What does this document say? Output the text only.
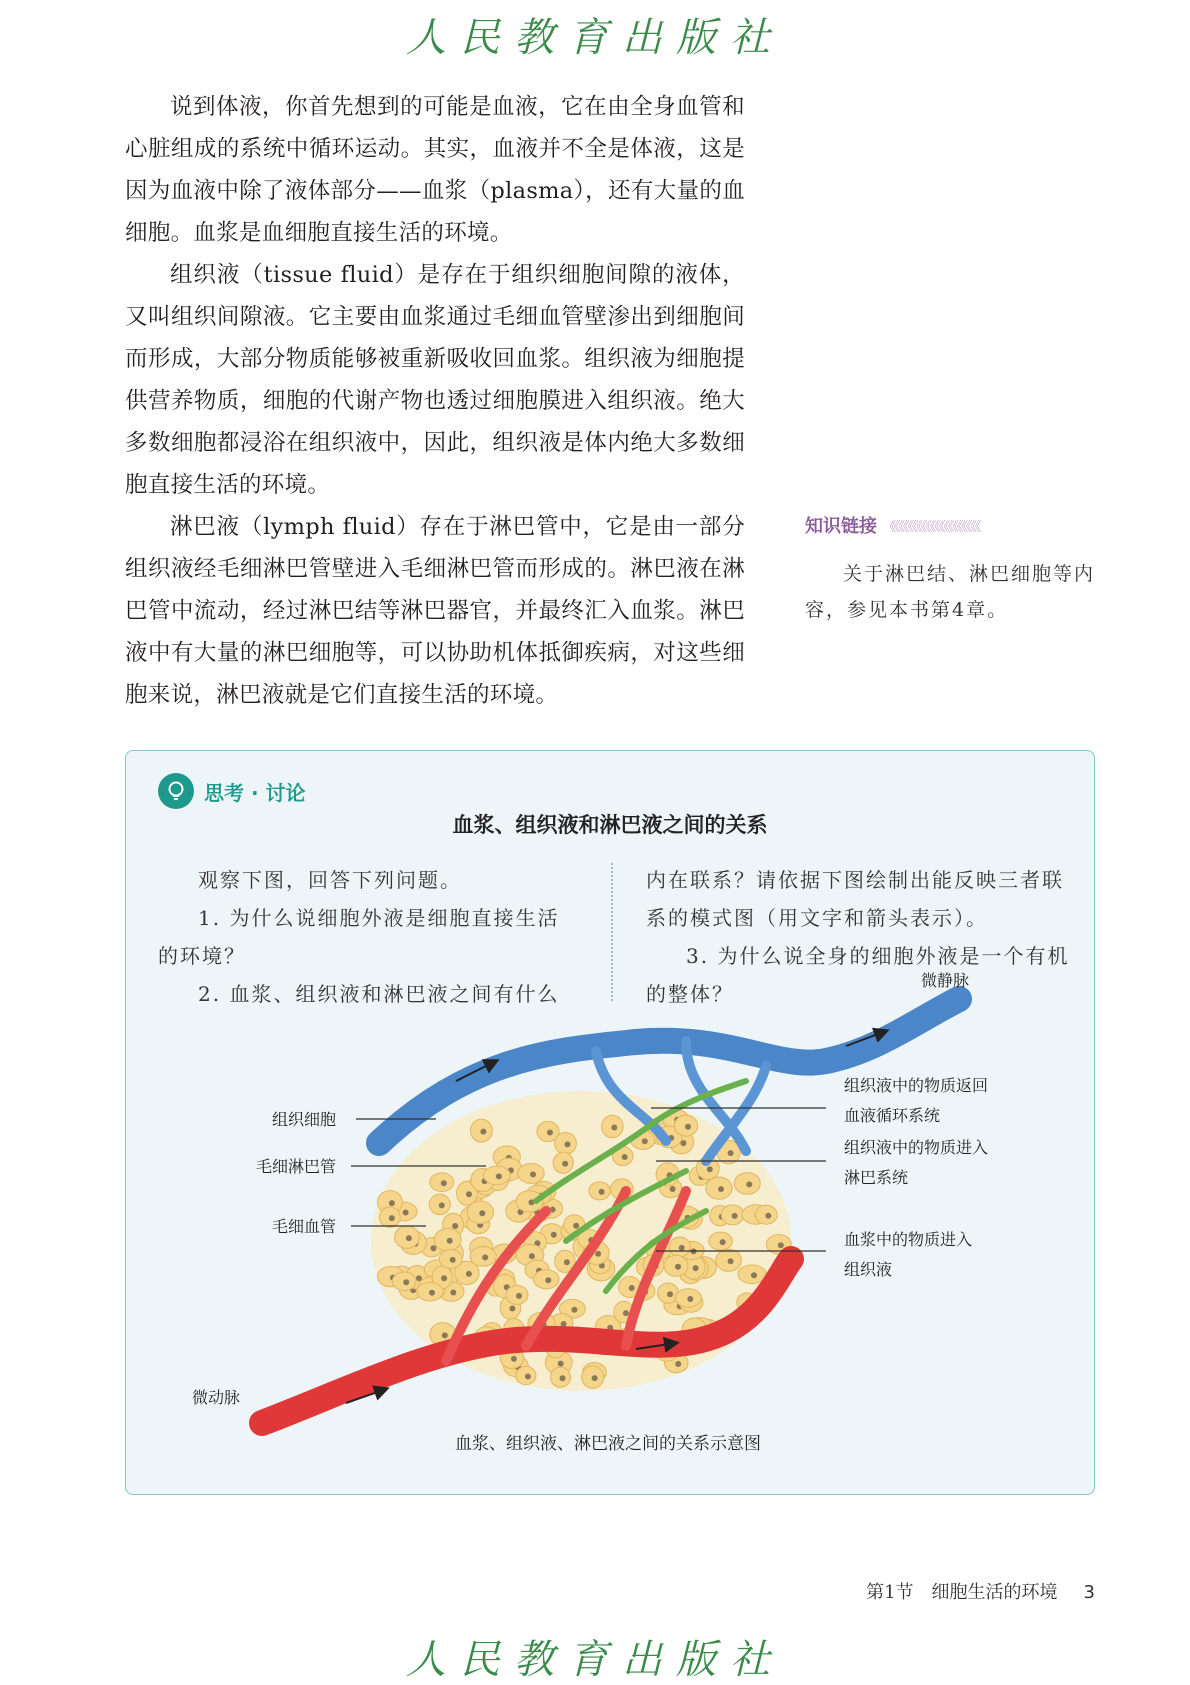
人民教育出版社

说到体液，你首先想到的可能是血液，它在由全身血管和心脏组成的系统中循环运动。其实，血液并不全是体液，这是因为血液中除了液体部分——血浆（plasma），还有大量的血细胞。血浆是血细胞直接生活的环境。

组织液（tissue fluid）是存在于组织细胞间隙的液体，又叫组织间隙液。它主要由血浆通过毛细血管壁渗出到细胞间而形成，大部分物质能够被重新吸收回血浆。组织液为细胞提供营养物质，细胞的代谢产物也透过细胞膜进入组织液。绝大多数细胞都浸浴在组织液中，因此，组织液是体内绝大多数细胞直接生活的环境。

淋巴液（lymph fluid）存在于淋巴管中，它是由一部分组织液经毛细淋巴管壁进入毛细淋巴管而形成的。淋巴液在淋巴管中流动，经过淋巴结等淋巴器官，并最终汇入血浆。淋巴液中有大量的淋巴细胞等，可以协助机体抵御疾病，对这些细胞来说，淋巴液就是它们直接生活的环境。

知识链接 《《《《《《《《《《《《《《《《《《《《
关于淋巴结、淋巴细胞等内容，参见本书第4章。
思考 · 讨论
血浆、组织液和淋巴液之间的关系

观察下图，回答下列问题。

1. 为什么说细胞外液是细胞直接生活的环境？

2. 血浆、组织液和淋巴液之间有什么

内在联系？请依据下图绘制出能反映三者联系的模式图（用文字和箭头表示）。

3. 为什么说全身的细胞外液是一个有机的整体？

微静脉
微动脉
组织细胞
毛细淋巴管
毛细血管
组织液中的物质返回
血液循环系统
组织液中的物质进入
淋巴系统
血浆中的物质进入
组织液
血浆、组织液、淋巴液之间的关系示意图
第1节　细胞生活的环境 3
人民教育出版社
